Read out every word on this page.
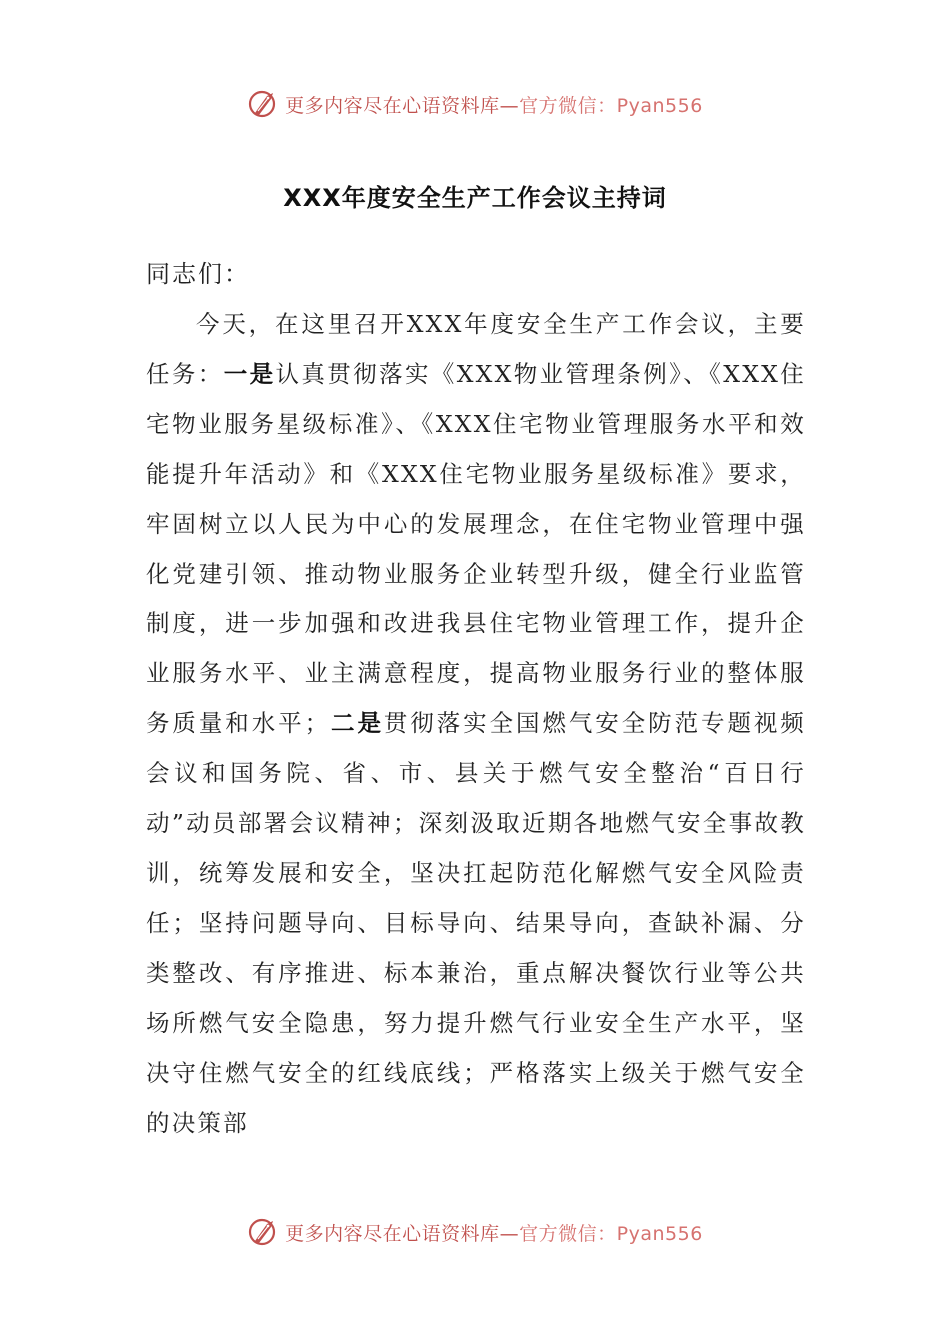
更多内容尽在心语资料库—官方微信：Pyan556
XXX年度安全生产工作会议主持词
同志们：

今天，在这里召开XXX年度安全生产工作会议，主要任务：一是认真贯彻落实《XXX物业管理条例》、《XXX住宅物业服务星级标准》、《XXX住宅物业管理服务水平和效能提升年活动》和《XXX住宅物业服务星级标准》要求，牢固树立以人民为中心的发展理念，在住宅物业管理中强化党建引领、推动物业服务企业转型升级，健全行业监管制度，进一步加强和改进我县住宅物业管理工作，提升企业服务水平、业主满意程度，提高物业服务行业的整体服务质量和水平；二是贯彻落实全国燃气安全防范专题视频会议和国务院、省、市、县关于燃气安全整治“百日行动”动员部署会议精神；深刻汲取近期各地燃气安全事故教训，统筹发展和安全，坚决扛起防范化解燃气安全风险责任；坚持问题导向、目标导向、结果导向，查缺补漏、分类整改、有序推进、标本兼治，重点解决餐饮行业等公共场所燃气安全隐患，努力提升燃气行业安全生产水平，坚决守住燃气安全的红线底线；严格落实上级关于燃气安全的决策部

更多内容尽在心语资料库—官方微信：Pyan556
